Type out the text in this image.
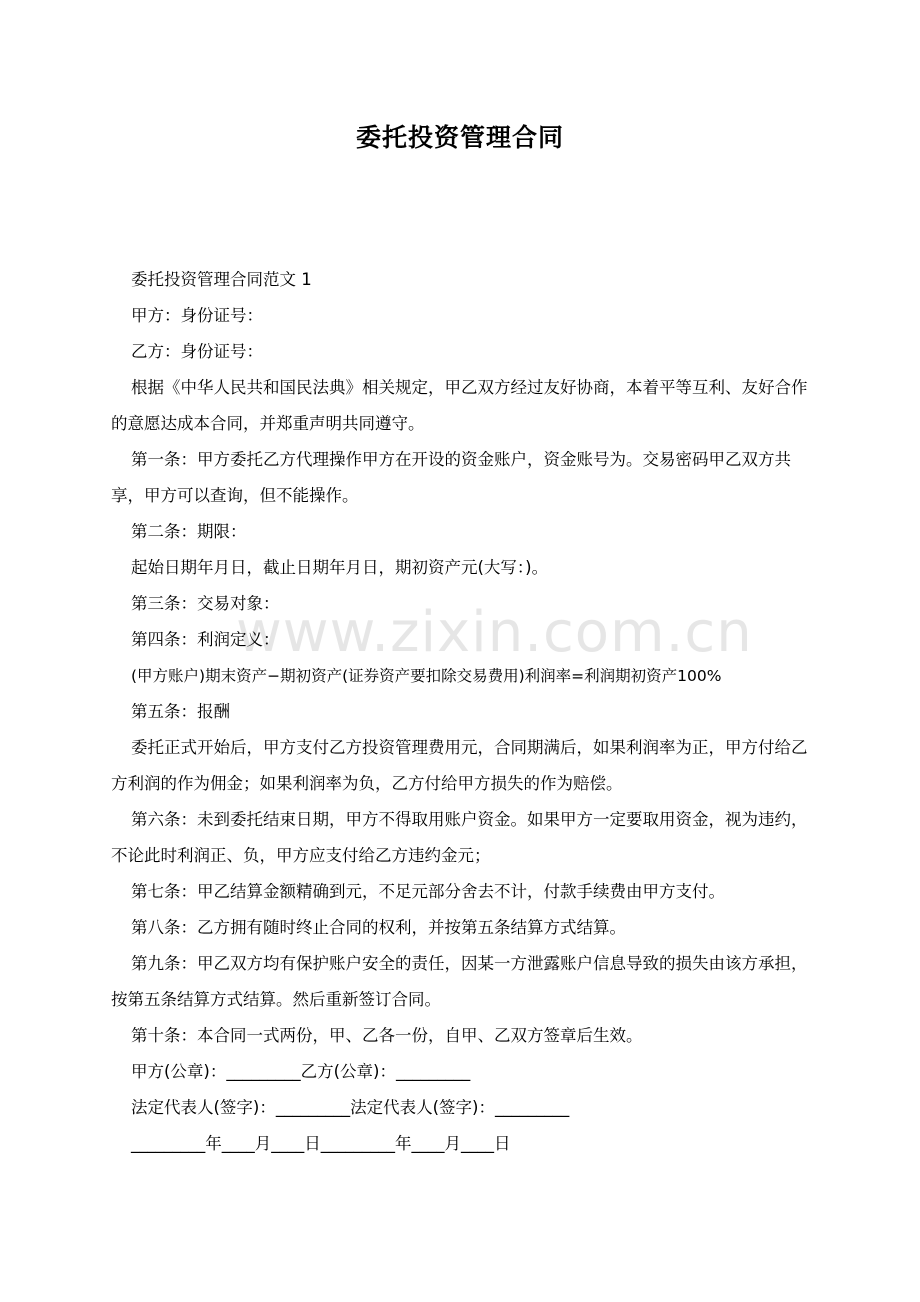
委托投资管理合同
www.zixin.com.cn

委托投资管理合同范文 1

甲方：身份证号：

乙方：身份证号：

根据《中华人民共和国民法典》相关规定，甲乙双方经过友好协商，本着平等互利、友好合作的意愿达成本合同，并郑重声明共同遵守。

第一条：甲方委托乙方代理操作甲方在开设的资金账户，资金账号为。交易密码甲乙双方共享，甲方可以查询，但不能操作。

第二条：期限：

起始日期年月日，截止日期年月日，期初资产元(大写：)。

第三条：交易对象：

第四条：利润定义：

(甲方账户)期末资产−期初资产(证券资产要扣除交易费用)利润率=利润期初资产100%

第五条：报酬

委托正式开始后，甲方支付乙方投资管理费用元，合同期满后，如果利润率为正，甲方付给乙方利润的作为佣金；如果利润率为负，乙方付给甲方损失的作为赔偿。

第六条：未到委托结束日期，甲方不得取用账户资金。如果甲方一定要取用资金，视为违约，不论此时利润正、负，甲方应支付给乙方违约金元；

第七条：甲乙结算金额精确到元，不足元部分舍去不计，付款手续费由甲方支付。

第八条：乙方拥有随时终止合同的权利，并按第五条结算方式结算。

第九条：甲乙双方均有保护账户安全的责任，因某一方泄露账户信息导致的损失由该方承担，按第五条结算方式结算。然后重新签订合同。

第十条：本合同一式两份，甲、乙各一份，自甲、乙双方签章后生效。

甲方(公章)：_________乙方(公章)：_________

法定代表人(签字)：_________法定代表人(签字)：_________

_________年____月____日_________年____月____日
